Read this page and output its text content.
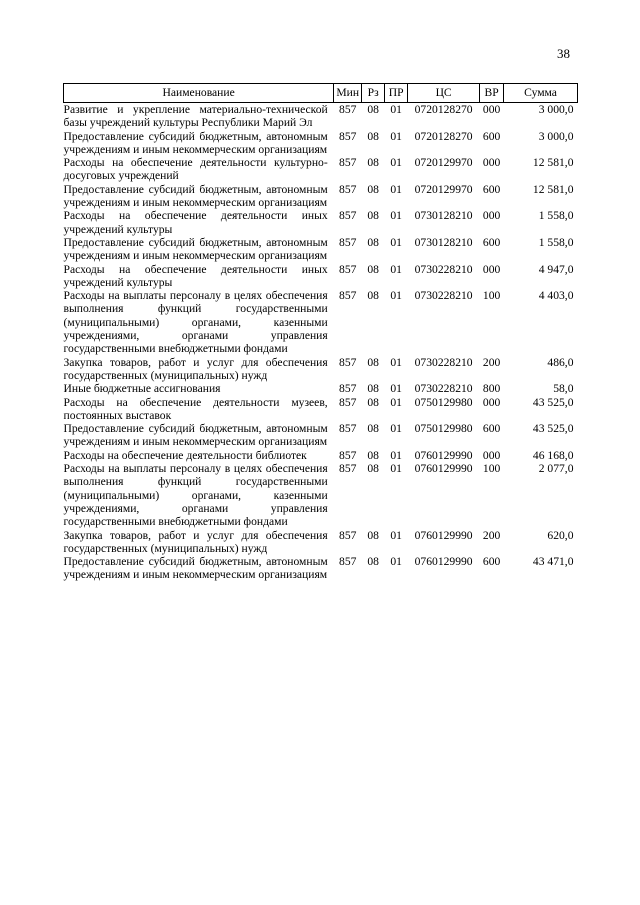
38
Наименование	Мин	Рз	ПР	ЦС	ВР	Сумма
Развитие и укрепление материально-технической базы учреждений культуры Республики Марий Эл	857	08	01	0720128270	000	3 000,0
Предоставление субсидий бюджетным, автономным учреждениям и иным некоммерческим организациям	857	08	01	0720128270	600	3 000,0
Расходы на обеспечение деятельности культурно-досуговых учреждений	857	08	01	0720129970	000	12 581,0
Предоставление субсидий бюджетным, автономным учреждениям и иным некоммерческим организациям	857	08	01	0720129970	600	12 581,0
Расходы на обеспечение деятельности иных учреждений культуры	857	08	01	0730128210	000	1 558,0
Предоставление субсидий бюджетным, автономным учреждениям и иным некоммерческим организациям	857	08	01	0730128210	600	1 558,0
Расходы на обеспечение деятельности иных учреждений культуры	857	08	01	0730228210	000	4 947,0
Расходы на выплаты персоналу в целях обеспечения выполнения функций государственными (муниципальными) органами, казенными учреждениями, органами управления государственными внебюджетными фондами	857	08	01	0730228210	100	4 403,0
Закупка товаров, работ и услуг для обеспечения государственных (муниципальных) нужд	857	08	01	0730228210	200	486,0
Иные бюджетные ассигнования	857	08	01	0730228210	800	58,0
Расходы на обеспечение деятельности музеев, постоянных выставок	857	08	01	0750129980	000	43 525,0
Предоставление субсидий бюджетным, автономным учреждениям и иным некоммерческим организациям	857	08	01	0750129980	600	43 525,0
Расходы на обеспечение деятельности библиотек	857	08	01	0760129990	000	46 168,0
Расходы на выплаты персоналу в целях обеспечения выполнения функций государственными (муниципальными) органами, казенными учреждениями, органами управления государственными внебюджетными фондами	857	08	01	0760129990	100	2 077,0
Закупка товаров, работ и услуг для обеспечения государственных (муниципальных) нужд	857	08	01	0760129990	200	620,0
Предоставление субсидий бюджетным, автономным учреждениям и иным некоммерческим организациям	857	08	01	0760129990	600	43 471,0
